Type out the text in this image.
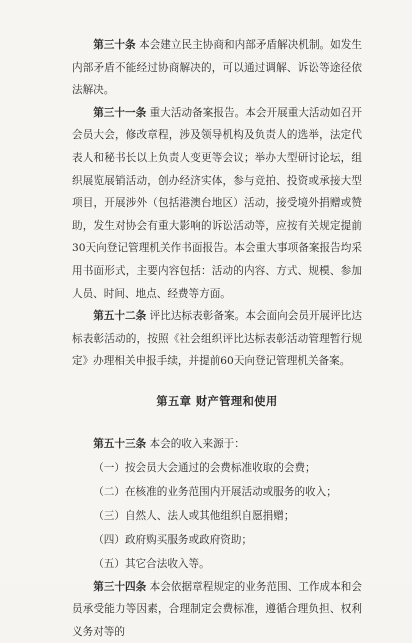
第三十条 本会建立民主协商和内部矛盾解决机制。如发生内部矛盾不能经过协商解决的，可以通过调解、诉讼等途径依法解决。

第三十一条 重大活动备案报告。本会开展重大活动如召开会员大会，修改章程，涉及领导机构及负责人的选举，法定代表人和秘书长以上负责人变更等会议；举办大型研讨论坛，组织展览展销活动，创办经济实体，参与竞拍、投资或承接大型项目，开展涉外（包括港澳台地区）活动，接受境外捐赠或赞助，发生对协会有重大影响的诉讼活动等，应按有关规定提前30天向登记管理机关作书面报告。本会重大事项备案报告均采用书面形式，主要内容包括：活动的内容、方式、规模、参加人员、时间、地点、经费等方面。

第五十二条 评比达标表彰备案。本会面向会员开展评比达标表彰活动的，按照《社会组织评比达标表彰活动管理暂行规定》办理相关申报手续，并提前60天向登记管理机关备案。

第五章 财产管理和使用

第五十三条 本会的收入来源于：

（一）按会员大会通过的会费标准收取的会费；

（二）在核准的业务范围内开展活动或服务的收入；

（三）自然人、法人或其他组织自愿捐赠；

（四）政府购买服务或政府资助；

（五）其它合法收入等。

第三十四条 本会依据章程规定的业务范围、工作成本和会员承受能力等因素，合理制定会费标准，遵循合理负担、权利义务对等的
